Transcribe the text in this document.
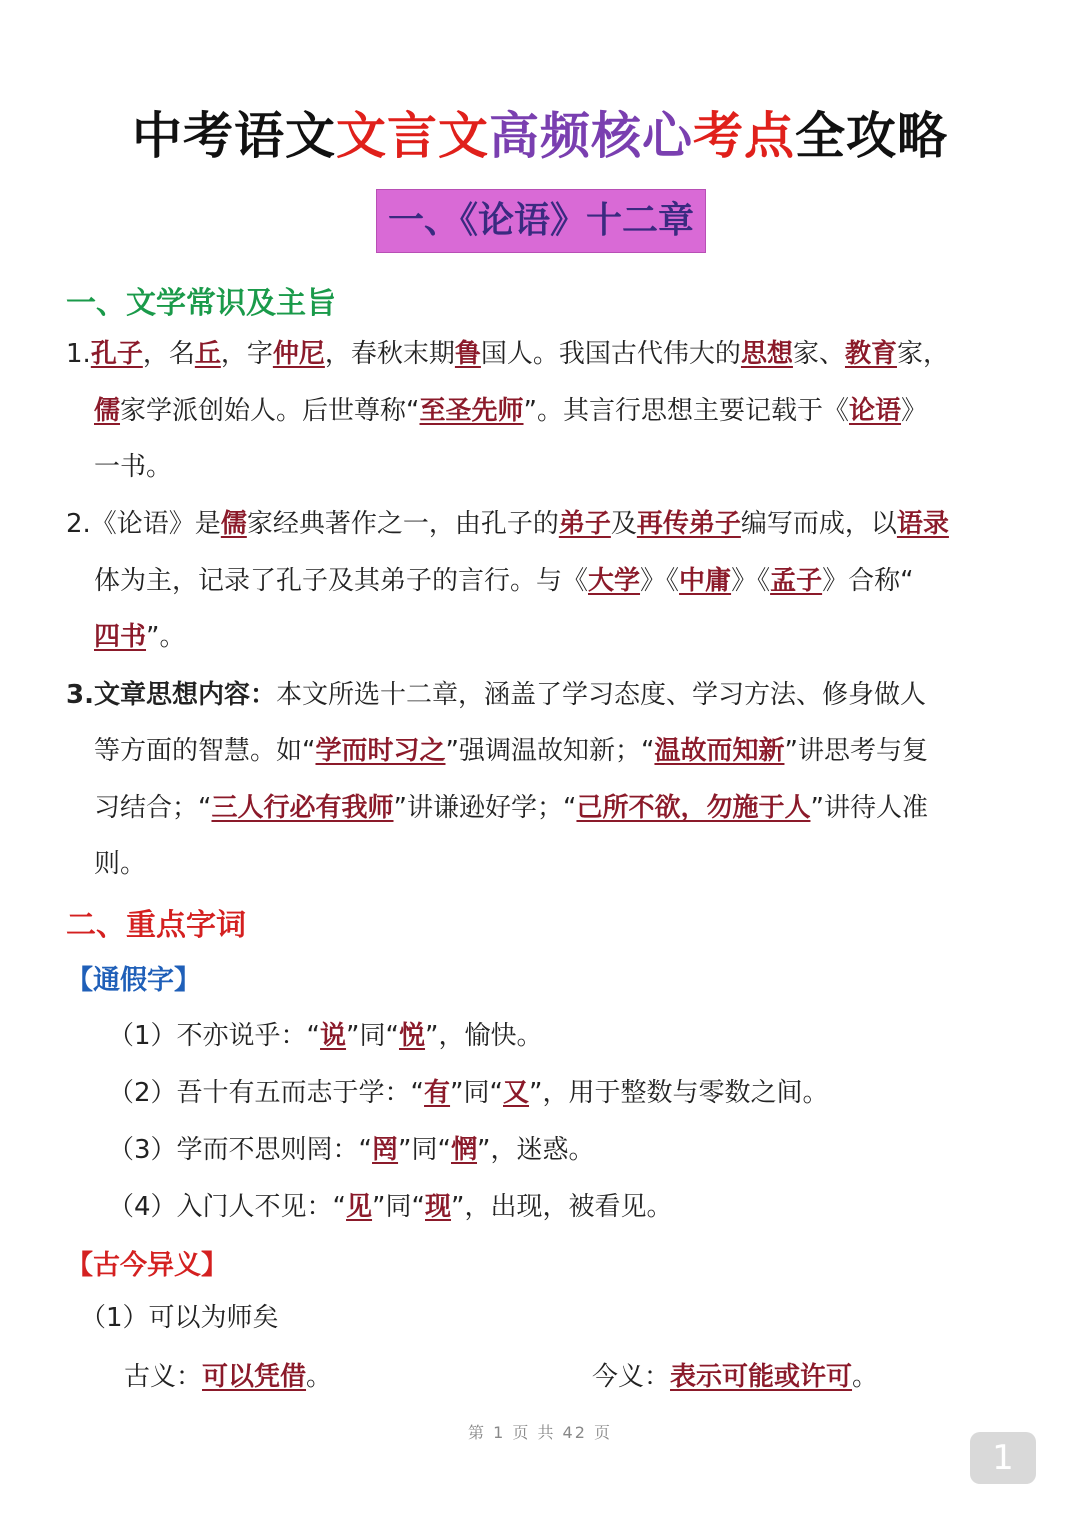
中考语文文言文高频核心考点全攻略
一、《论语》十二章
一、文学常识及主旨
1.孔子，名丘，字仲尼，春秋末期鲁国人。我国古代伟大的思想家、教育家，
儒家学派创始人。后世尊称“至圣先师”。其言行思想主要记载于《论语》
一书。
2.《论语》是儒家经典著作之一，由孔子的弟子及再传弟子编写而成，以语录
体为主，记录了孔子及其弟子的言行。与《大学》《中庸》《孟子》合称“
四书”。
3.文章思想内容：本文所选十二章，涵盖了学习态度、学习方法、修身做人
等方面的智慧。如“学而时习之”强调温故知新；“温故而知新”讲思考与复
习结合；“三人行必有我师”讲谦逊好学；“己所不欲，勿施于人”讲待人准
则。
二、重点字词
【通假字】
（1）不亦说乎：“说”同“悦”，愉快。
（2）吾十有五而志于学：“有”同“又”，用于整数与零数之间。
（3）学而不思则罔：“罔”同“惘”，迷惑。
（4）入门人不见：“见”同“现”，出现，被看见。
【古今异义】
（1）可以为师矣
古义：可以凭借。	今义：表示可能或许可。
第 1 页 共 42 页
1
